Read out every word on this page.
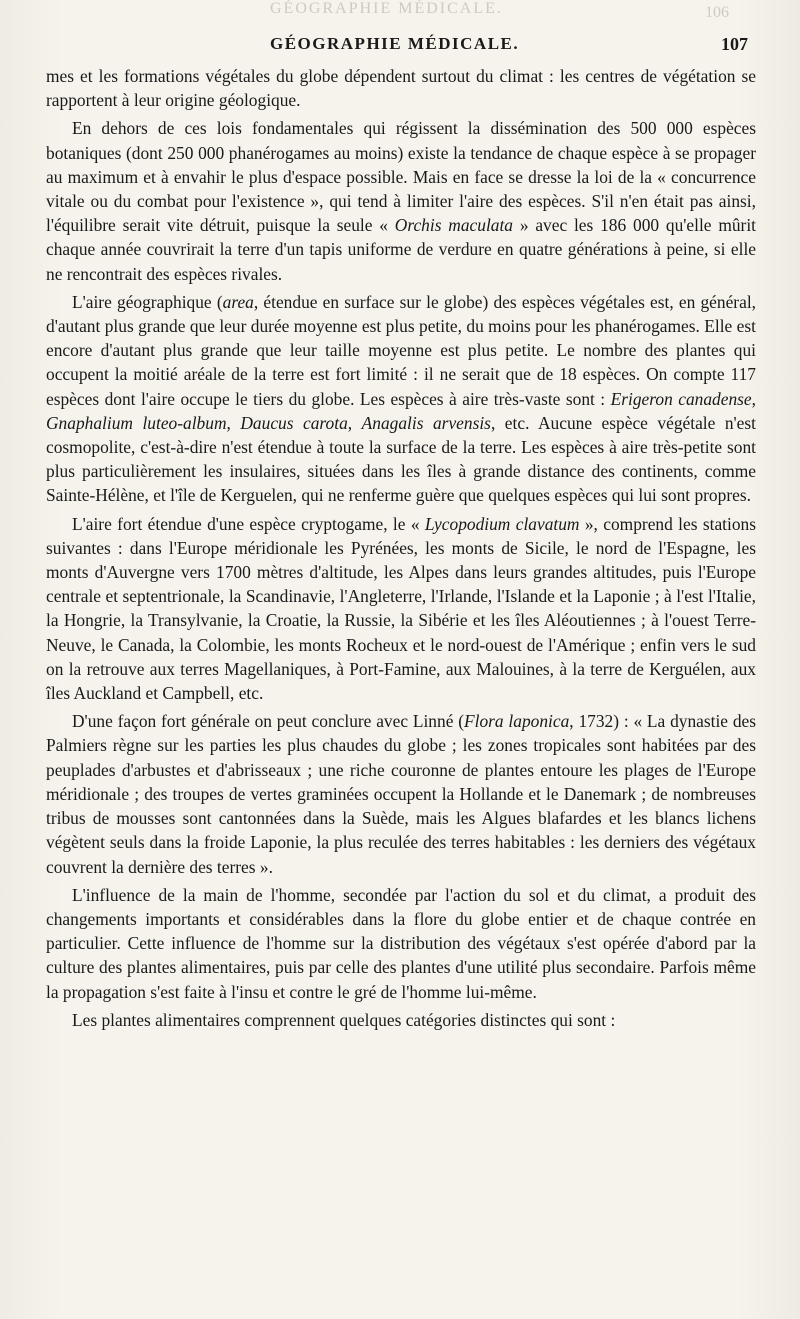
GÉOGRAPHIE MÉDICALE.	106
GÉOGRAPHIE MÉDICALE.	107

mes et les formations végétales du globe dépendent surtout du climat : les centres de végétation se rapportent à leur origine géologique.

En dehors de ces lois fondamentales qui régissent la dissémination des 500 000 espèces botaniques (dont 250 000 phanérogames au moins) existe la tendance de chaque espèce à se propager au maximum et à envahir le plus d'espace possible. Mais en face se dresse la loi de la « concurrence vitale ou du combat pour l'existence », qui tend à limiter l'aire des espèces. S'il n'en était pas ainsi, l'équilibre serait vite détruit, puisque la seule « Orchis maculata » avec les 186 000 qu'elle mûrit chaque année couvrirait la terre d'un tapis uniforme de verdure en quatre générations à peine, si elle ne rencontrait des espèces rivales.

L'aire géographique (area, étendue en surface sur le globe) des espèces végétales est, en général, d'autant plus grande que leur durée moyenne est plus petite, du moins pour les phanérogames. Elle est encore d'autant plus grande que leur taille moyenne est plus petite. Le nombre des plantes qui occupent la moitié aréale de la terre est fort limité : il ne serait que de 18 espèces. On compte 117 espèces dont l'aire occupe le tiers du globe. Les espèces à aire très-vaste sont : Erigeron canadense, Gnaphalium luteo-album, Daucus carota, Anagalis arvensis, etc. Aucune espèce végétale n'est cosmopolite, c'est-à-dire n'est étendue à toute la surface de la terre. Les espèces à aire très-petite sont plus particulièrement les insulaires, situées dans les îles à grande distance des continents, comme Sainte-Hélène, et l'île de Kerguelen, qui ne renferme guère que quelques espèces qui lui sont propres.

L'aire fort étendue d'une espèce cryptogame, le « Lycopodium clavatum », comprend les stations suivantes : dans l'Europe méridionale les Pyrénées, les monts de Sicile, le nord de l'Espagne, les monts d'Auvergne vers 1700 mètres d'altitude, les Alpes dans leurs grandes altitudes, puis l'Europe centrale et septentrionale, la Scandinavie, l'Angleterre, l'Irlande, l'Islande et la Laponie ; à l'est l'Italie, la Hongrie, la Transylvanie, la Croatie, la Russie, la Sibérie et les îles Aléoutiennes ; à l'ouest Terre-Neuve, le Canada, la Colombie, les monts Rocheux et le nord-ouest de l'Amérique ; enfin vers le sud on la retrouve aux terres Magellaniques, à Port-Famine, aux Malouines, à la terre de Kerguélen, aux îles Auckland et Campbell, etc.

D'une façon fort générale on peut conclure avec Linné (Flora laponica, 1732) : « La dynastie des Palmiers règne sur les parties les plus chaudes du globe ; les zones tropicales sont habitées par des peuplades d'arbustes et d'abrisseaux ; une riche couronne de plantes entoure les plages de l'Europe méridionale ; des troupes de vertes graminées occupent la Hollande et le Danemark ; de nombreuses tribus de mousses sont cantonnées dans la Suède, mais les Algues blafardes et les blancs lichens végètent seuls dans la froide Laponie, la plus reculée des terres habitables : les derniers des végétaux couvrent la dernière des terres ».

L'influence de la main de l'homme, secondée par l'action du sol et du climat, a produit des changements importants et considérables dans la flore du globe entier et de chaque contrée en particulier. Cette influence de l'homme sur la distribution des végétaux s'est opérée d'abord par la culture des plantes alimentaires, puis par celle des plantes d'une utilité plus secondaire. Parfois même la propagation s'est faite à l'insu et contre le gré de l'homme lui-même.

Les plantes alimentaires comprennent quelques catégories distinctes qui sont :
